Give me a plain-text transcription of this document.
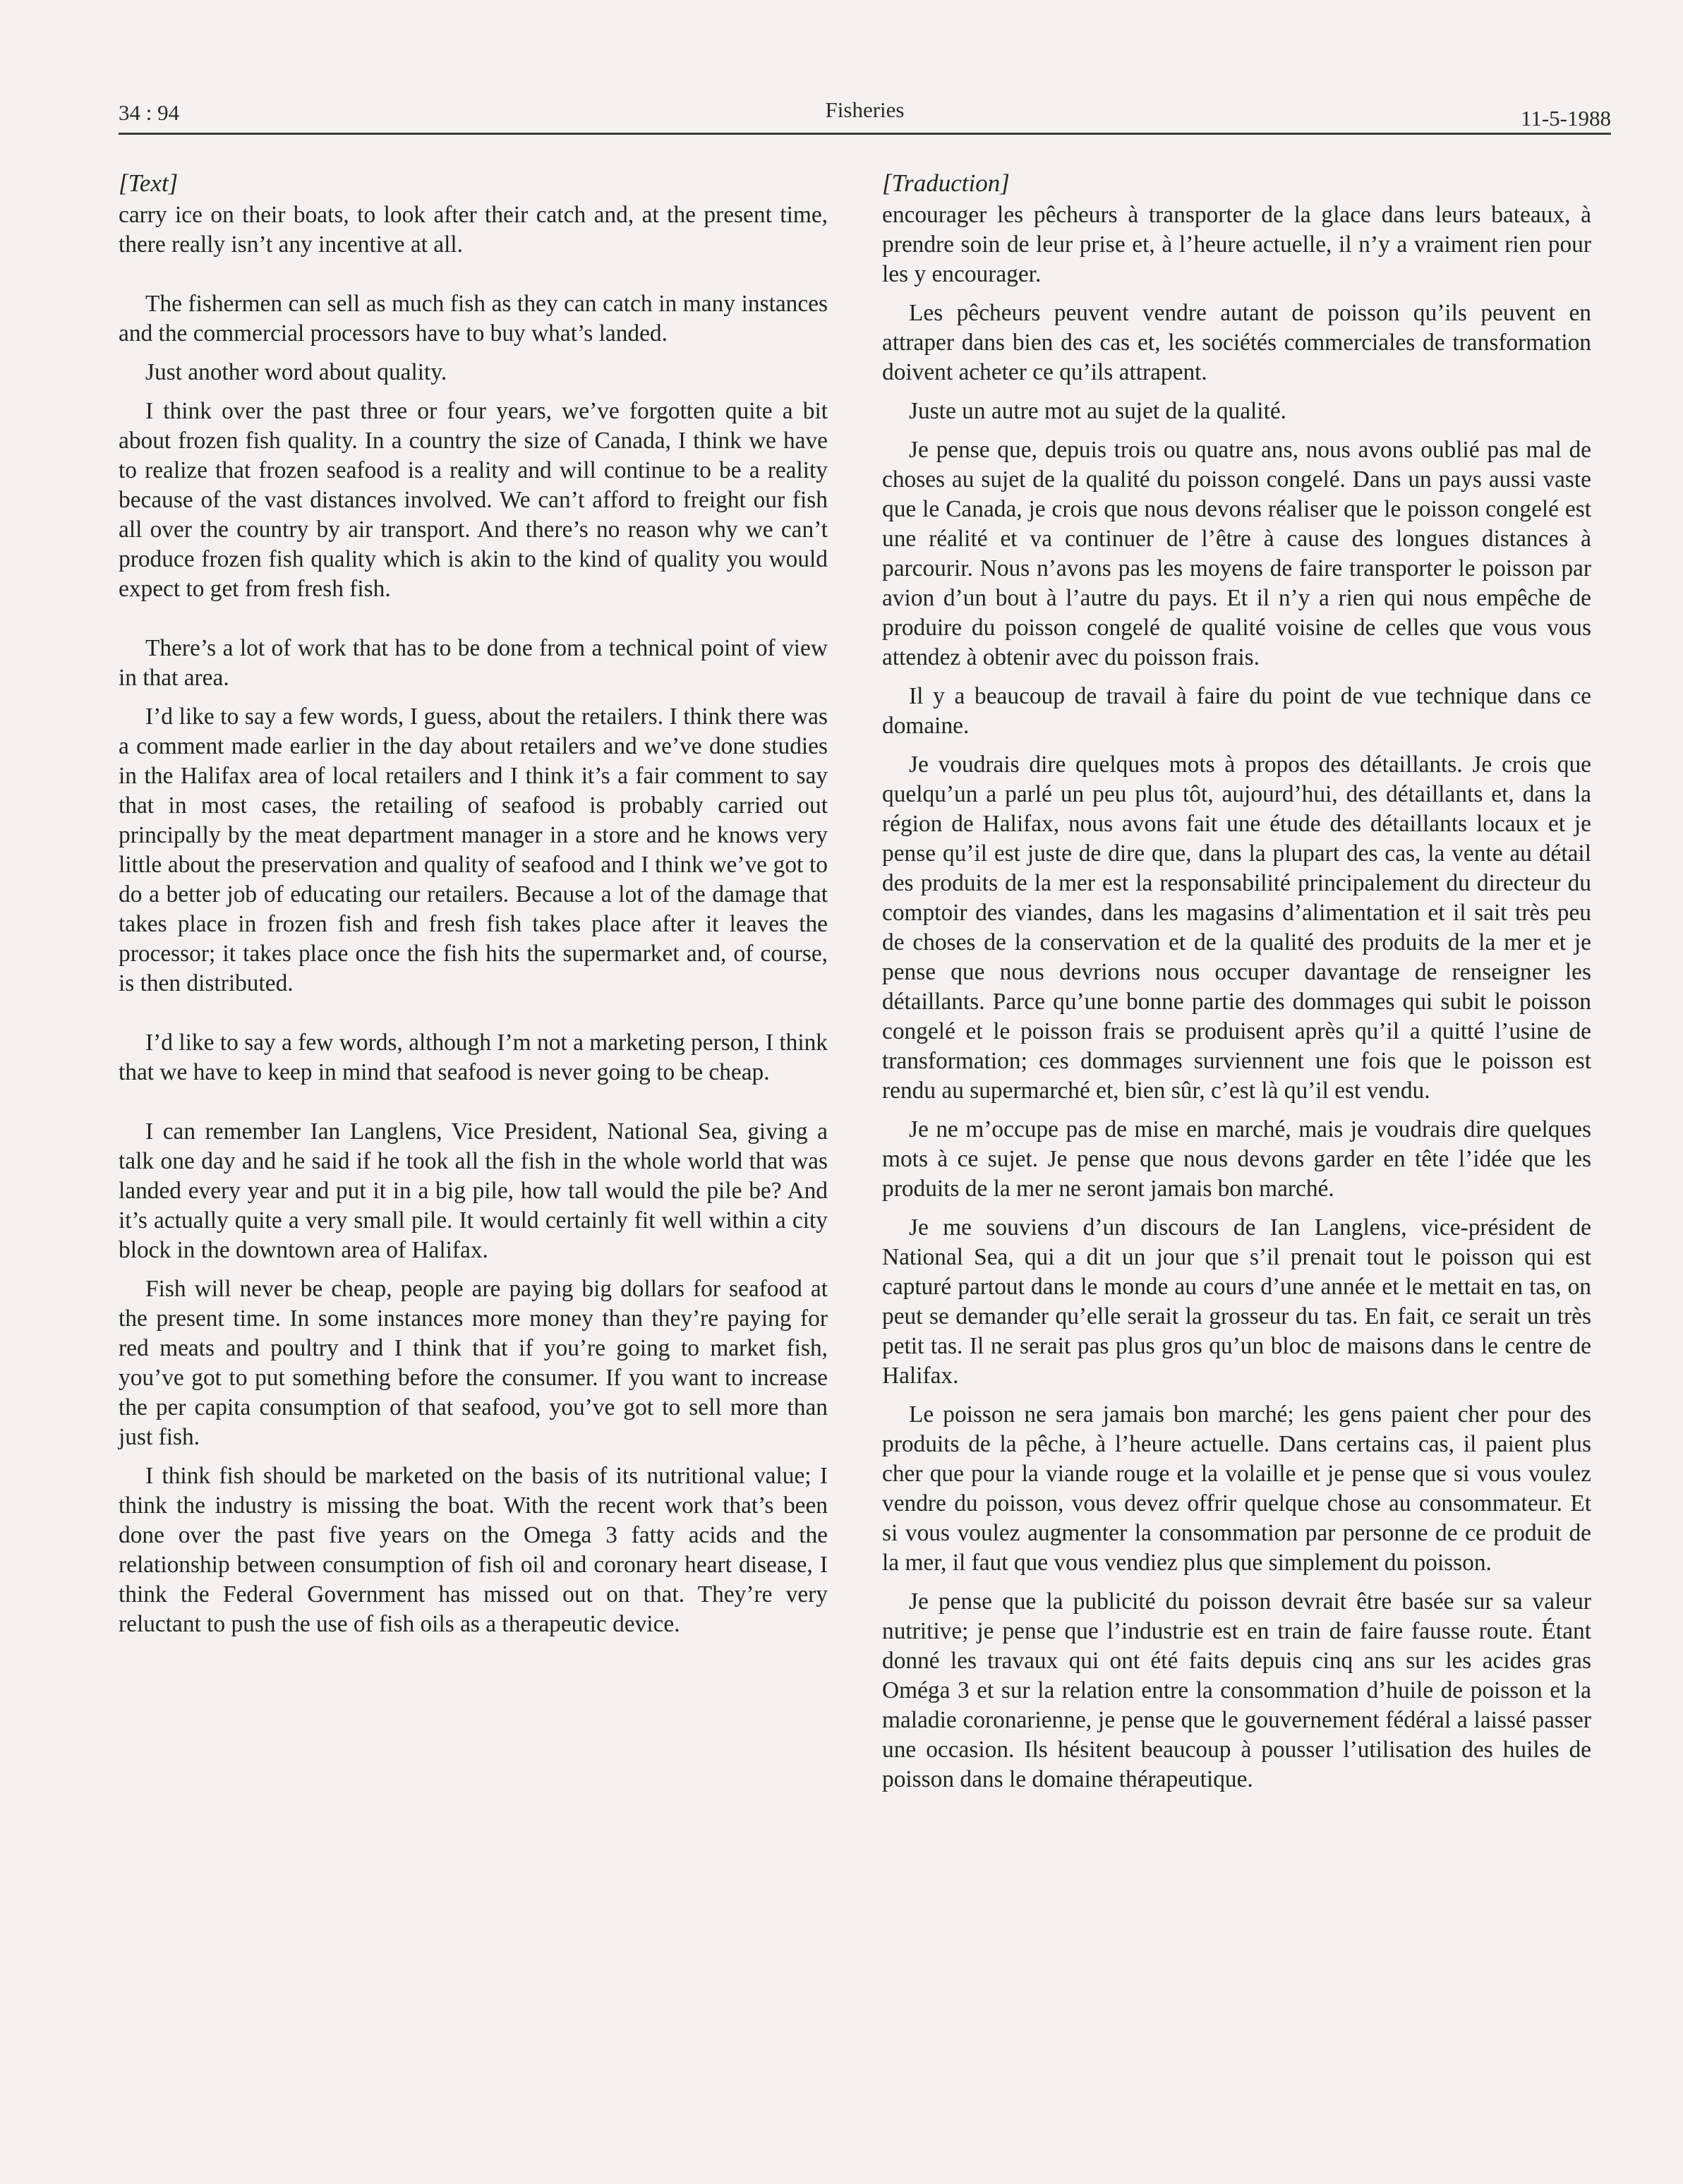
34 : 94	Fisheries	11-5-1988
[Text]

carry ice on their boats, to look after their catch and, at the present time, there really isn’t any incentive at all.

The fishermen can sell as much fish as they can catch in many instances and the commercial processors have to buy what’s landed.

Just another word about quality.

I think over the past three or four years, we’ve forgotten quite a bit about frozen fish quality. In a country the size of Canada, I think we have to realize that frozen seafood is a reality and will continue to be a reality because of the vast distances involved. We can’t afford to freight our fish all over the country by air transport. And there’s no reason why we can’t produce frozen fish quality which is akin to the kind of quality you would expect to get from fresh fish.

There’s a lot of work that has to be done from a technical point of view in that area.

I’d like to say a few words, I guess, about the retailers. I think there was a comment made earlier in the day about retailers and we’ve done studies in the Halifax area of local retailers and I think it’s a fair comment to say that in most cases, the retailing of seafood is probably carried out principally by the meat department manager in a store and he knows very little about the preservation and quality of seafood and I think we’ve got to do a better job of educating our retailers. Because a lot of the damage that takes place in frozen fish and fresh fish takes place after it leaves the processor; it takes place once the fish hits the supermarket and, of course, is then distributed.

I’d like to say a few words, although I’m not a marketing person, I think that we have to keep in mind that seafood is never going to be cheap.

I can remember Ian Langlens, Vice President, National Sea, giving a talk one day and he said if he took all the fish in the whole world that was landed every year and put it in a big pile, how tall would the pile be? And it’s actually quite a very small pile. It would certainly fit well within a city block in the downtown area of Halifax.

Fish will never be cheap, people are paying big dollars for seafood at the present time. In some instances more money than they’re paying for red meats and poultry and I think that if you’re going to market fish, you’ve got to put something before the consumer. If you want to increase the per capita consumption of that seafood, you’ve got to sell more than just fish.

I think fish should be marketed on the basis of its nutritional value; I think the industry is missing the boat. With the recent work that’s been done over the past five years on the Omega 3 fatty acids and the relationship between consumption of fish oil and coronary heart disease, I think the Federal Government has missed out on that. They’re very reluctant to push the use of fish oils as a therapeutic device.

[Traduction]

encourager les pêcheurs à transporter de la glace dans leurs bateaux, à prendre soin de leur prise et, à l’heure actuelle, il n’y a vraiment rien pour les y encourager.

Les pêcheurs peuvent vendre autant de poisson qu’ils peuvent en attraper dans bien des cas et, les sociétés commerciales de transformation doivent acheter ce qu’ils attrapent.

Juste un autre mot au sujet de la qualité.

Je pense que, depuis trois ou quatre ans, nous avons oublié pas mal de choses au sujet de la qualité du poisson congelé. Dans un pays aussi vaste que le Canada, je crois que nous devons réaliser que le poisson congelé est une réalité et va continuer de l’être à cause des longues distances à parcourir. Nous n’avons pas les moyens de faire transporter le poisson par avion d’un bout à l’autre du pays. Et il n’y a rien qui nous empêche de produire du poisson congelé de qualité voisine de celles que vous vous attendez à obtenir avec du poisson frais.

Il y a beaucoup de travail à faire du point de vue technique dans ce domaine.

Je voudrais dire quelques mots à propos des détaillants. Je crois que quelqu’un a parlé un peu plus tôt, aujourd’hui, des détaillants et, dans la région de Halifax, nous avons fait une étude des détaillants locaux et je pense qu’il est juste de dire que, dans la plupart des cas, la vente au détail des produits de la mer est la responsabilité principalement du directeur du comptoir des viandes, dans les magasins d’alimentation et il sait très peu de choses de la conservation et de la qualité des produits de la mer et je pense que nous devrions nous occuper davantage de renseigner les détaillants. Parce qu’une bonne partie des dommages qui subit le poisson congelé et le poisson frais se produisent après qu’il a quitté l’usine de transformation; ces dommages surviennent une fois que le poisson est rendu au supermarché et, bien sûr, c’est là qu’il est vendu.

Je ne m’occupe pas de mise en marché, mais je voudrais dire quelques mots à ce sujet. Je pense que nous devons garder en tête l’idée que les produits de la mer ne seront jamais bon marché.

Je me souviens d’un discours de Ian Langlens, vice-président de National Sea, qui a dit un jour que s’il prenait tout le poisson qui est capturé partout dans le monde au cours d’une année et le mettait en tas, on peut se demander qu’elle serait la grosseur du tas. En fait, ce serait un très petit tas. Il ne serait pas plus gros qu’un bloc de maisons dans le centre de Halifax.

Le poisson ne sera jamais bon marché; les gens paient cher pour des produits de la pêche, à l’heure actuelle. Dans certains cas, il paient plus cher que pour la viande rouge et la volaille et je pense que si vous voulez vendre du poisson, vous devez offrir quelque chose au consommateur. Et si vous voulez augmenter la consommation par personne de ce produit de la mer, il faut que vous vendiez plus que simplement du poisson.

Je pense que la publicité du poisson devrait être basée sur sa valeur nutritive; je pense que l’industrie est en train de faire fausse route. Étant donné les travaux qui ont été faits depuis cinq ans sur les acides gras Oméga 3 et sur la relation entre la consommation d’huile de poisson et la maladie coronarienne, je pense que le gouvernement fédéral a laissé passer une occasion. Ils hésitent beaucoup à pousser l’utilisation des huiles de poisson dans le domaine thérapeutique.
